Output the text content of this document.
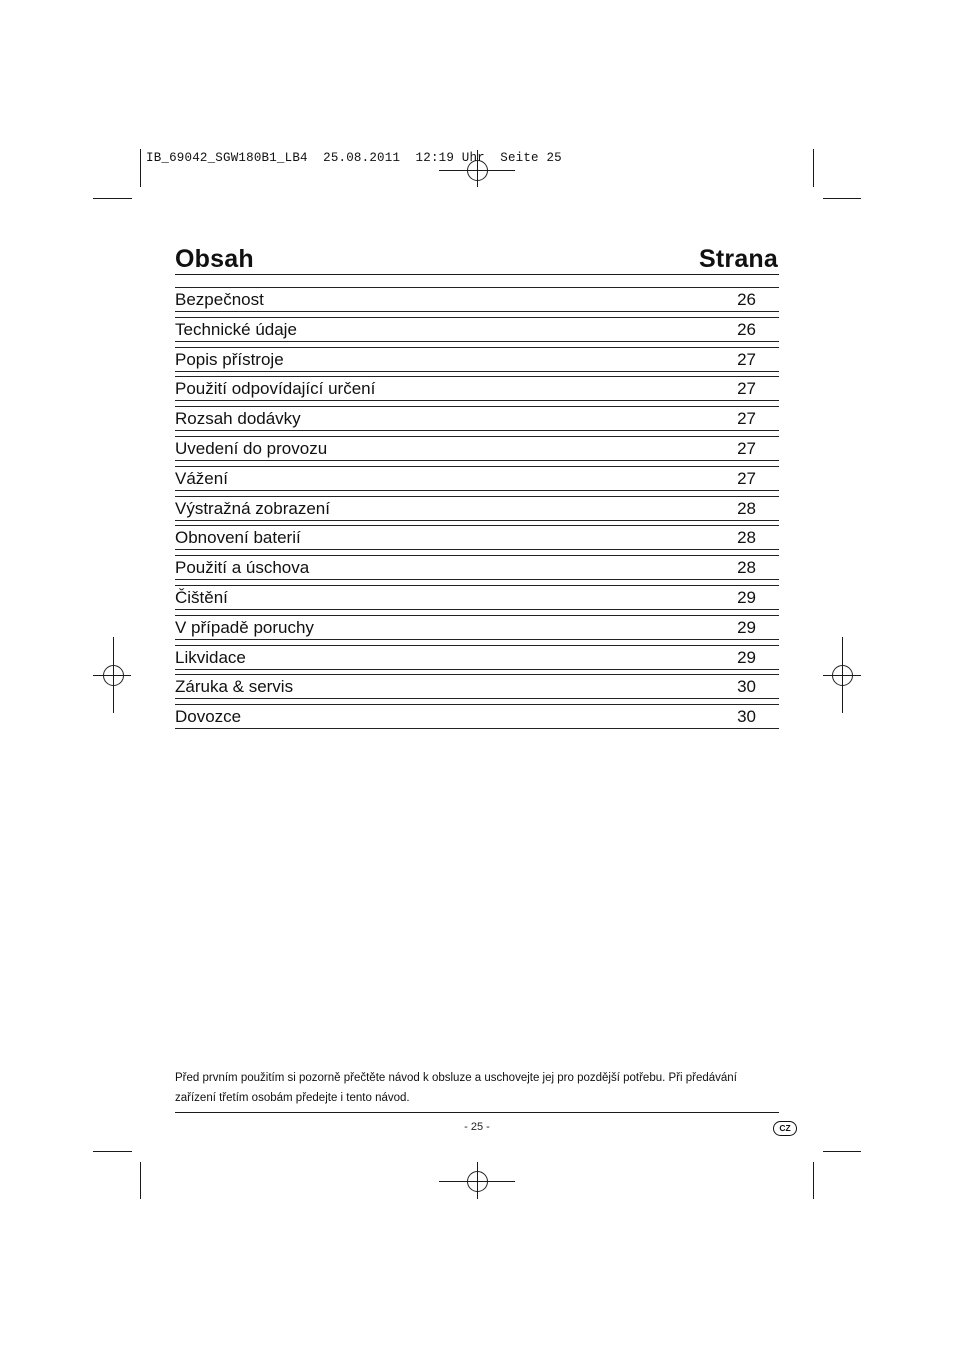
IB_69042_SGW180B1_LB4  25.08.2011  12:19 Uhr  Seite 25
Obsah	Strana
Bezpečnost	26
Technické údaje	26
Popis přístroje	27
Použití odpovídající určení	27
Rozsah dodávky	27
Uvedení do provozu	27
Vážení	27
Výstražná zobrazení	28
Obnovení baterií	28
Použití a úschova	28
Čištění	29
V případě poruchy	29
Likvidace	29
Záruka & servis	30
Dovozce	30
Před prvním použitím si pozorně přečtěte návod k obsluze a uschovejte jej pro pozdější potřebu. Při předávání zařízení třetím osobám předejte i tento návod.
- 25 -	CZ
